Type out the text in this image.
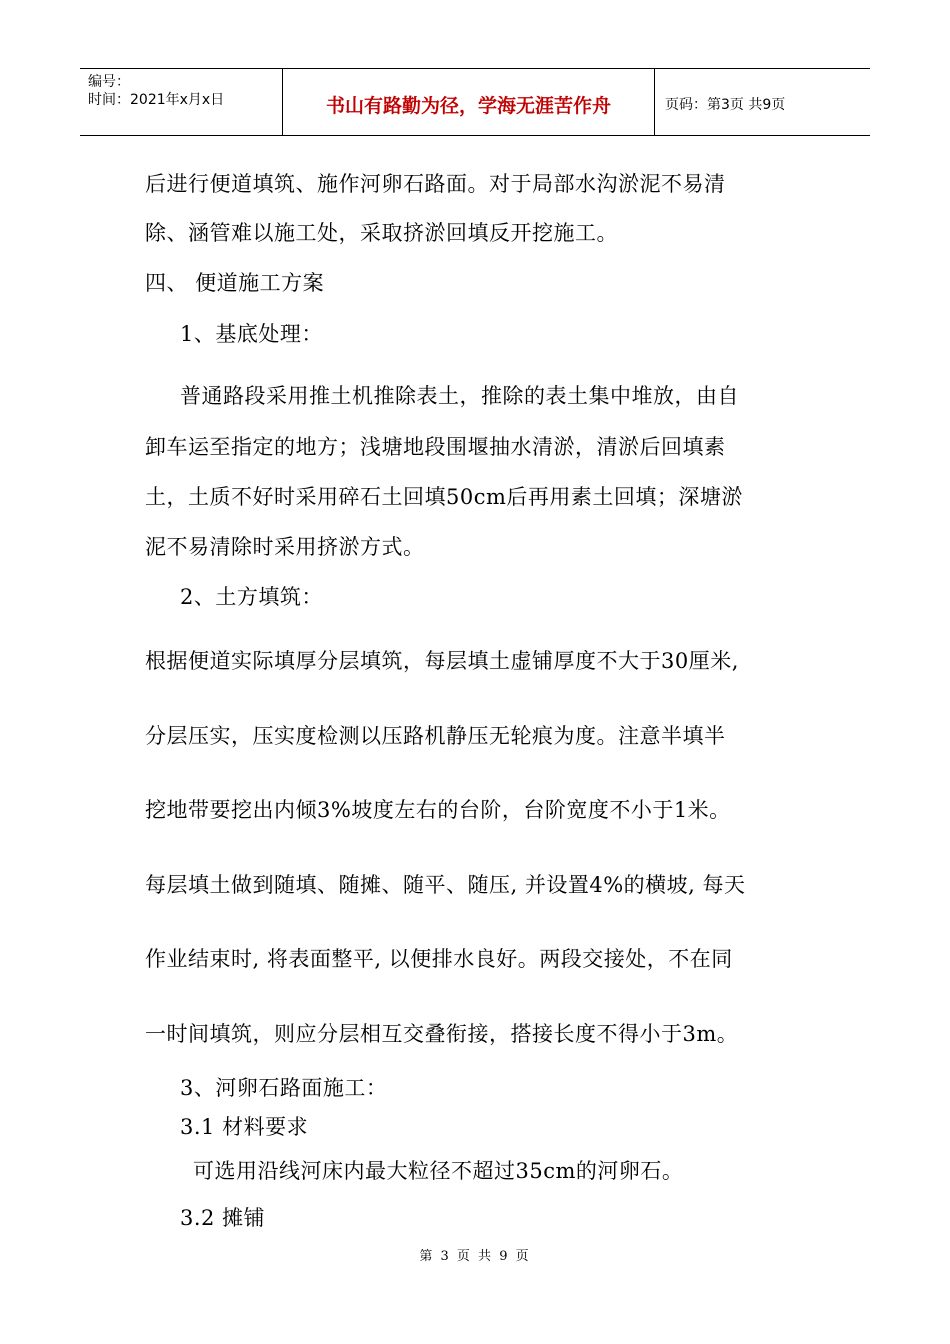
编号：
时间：2021年x月x日	书山有路勤为径，学海无涯苦作舟	页码：第3页 共9页
后进行便道填筑、施作河卵石路面。对于局部水沟淤泥不易清
除、涵管难以施工处，采取挤淤回填反开挖施工。
四、 便道施工方案
1、基底处理：
普通路段采用推土机推除表土，推除的表土集中堆放，由自
卸车运至指定的地方；浅塘地段围堰抽水清淤，清淤后回填素
土，土质不好时采用碎石土回填50cm后再用素土回填；深塘淤
泥不易清除时采用挤淤方式。
2、土方填筑：
根据便道实际填厚分层填筑，每层填土虚铺厚度不大于30厘米,
分层压实，压实度检测以压路机静压无轮痕为度。注意半填半
挖地带要挖出内倾3%坡度左右的台阶，台阶宽度不小于1米。
每层填土做到随填、随摊、随平、随压, 并设置4%的横坡, 每天
作业结束时, 将表面整平, 以便排水良好。两段交接处，不在同
一时间填筑，则应分层相互交叠衔接，搭接长度不得小于3m。
3、河卵石路面施工：
3.1 材料要求
可选用沿线河床内最大粒径不超过35cm的河卵石。
3.2 摊铺
第 3 页 共 9 页
